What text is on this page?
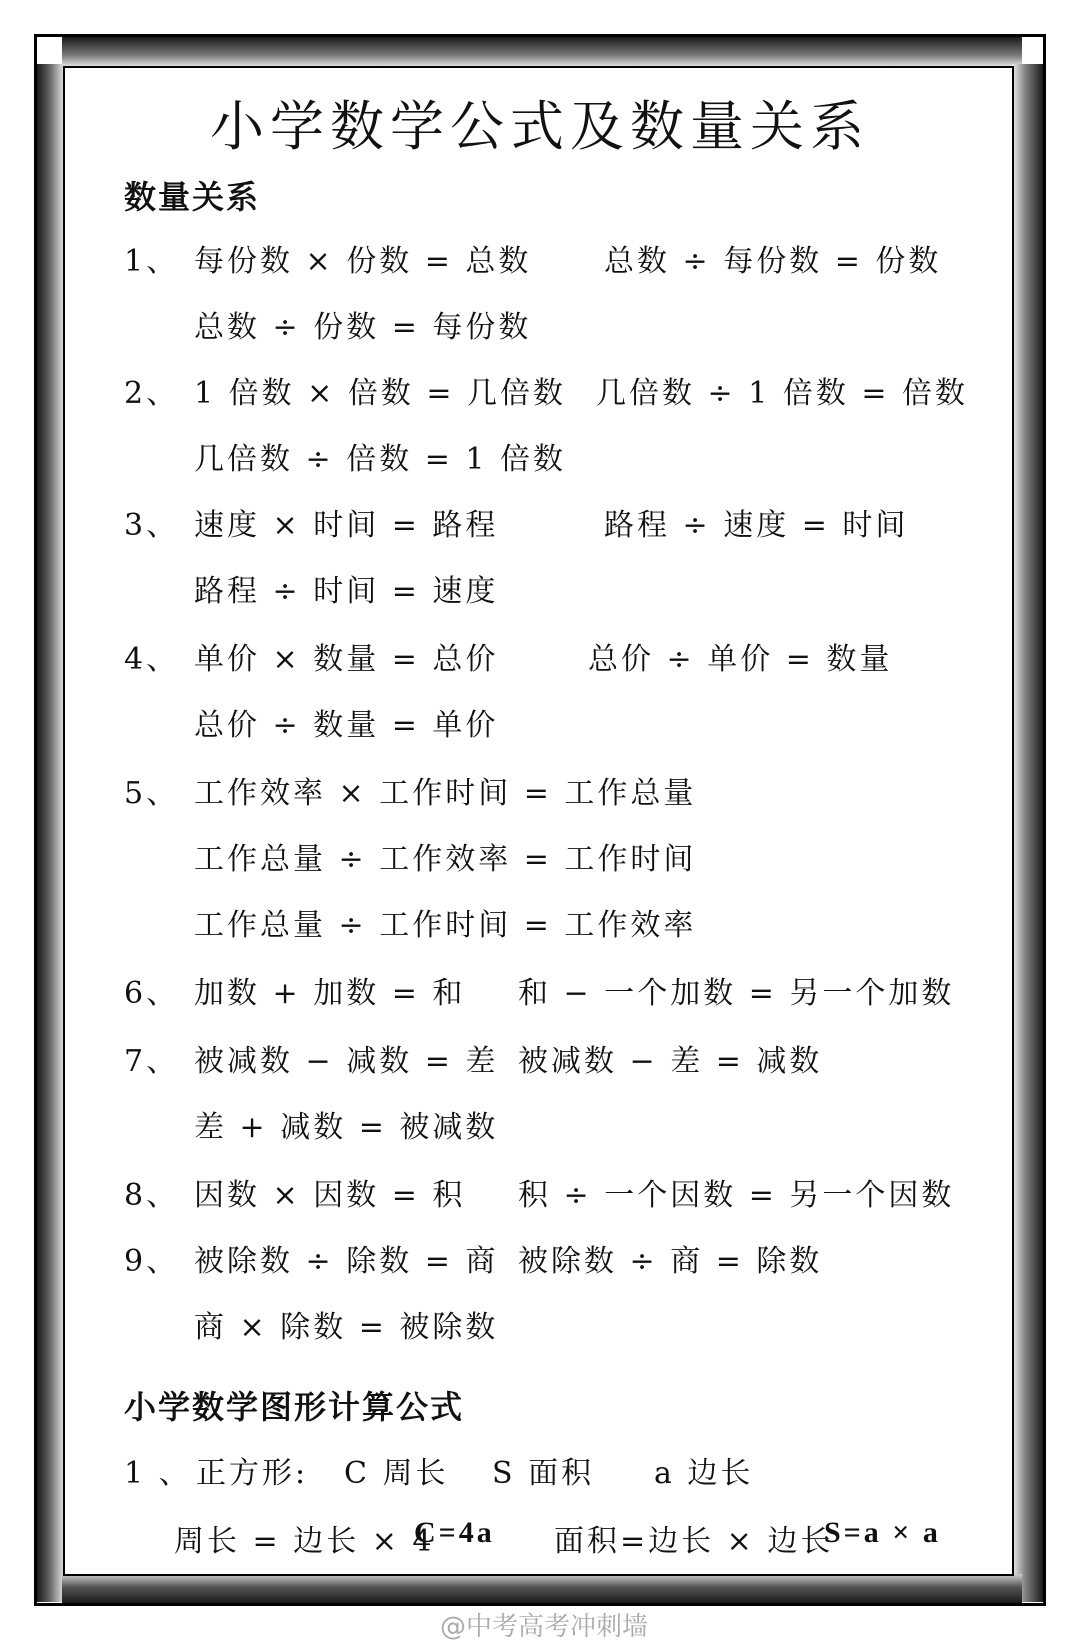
小学数学公式及数量关系
数量关系
1、 每份数 × 份数 = 总数 总数 ÷ 每份数 = 份数
总数 ÷ 份数 = 每份数
2、 1 倍数 × 倍数 = 几倍数 几倍数 ÷ 1 倍数 = 倍数
几倍数 ÷ 倍数 = 1 倍数
3、 速度 × 时间 = 路程	路程 ÷ 速度 = 时间
路程 ÷ 时间 = 速度
4、 单价 × 数量 = 总价	总价 ÷ 单价 = 数量
总价 ÷ 数量 = 单价
5、 工作效率 × 工作时间 = 工作总量
工作总量 ÷ 工作效率 = 工作时间
工作总量 ÷ 工作时间 = 工作效率
6、 加数 + 加数 = 和 和 − 一个加数 = 另一个加数
7、 被减数 − 减数 = 差 被减数 − 差 = 减数
差 + 减数 = 被减数
8、 因数 × 因数 = 积 积 ÷ 一个因数 = 另一个因数
9、 被除数 ÷ 除数 = 商 被除数 ÷ 商 = 除数
商 × 除数 = 被除数
小学数学图形计算公式
1 、 正方形: C 周长 S 面积 a 边长
周长 = 边长 × 4
C=4a 面积=边长 × 边长
S=a × a
@中考高考冲刺墙
